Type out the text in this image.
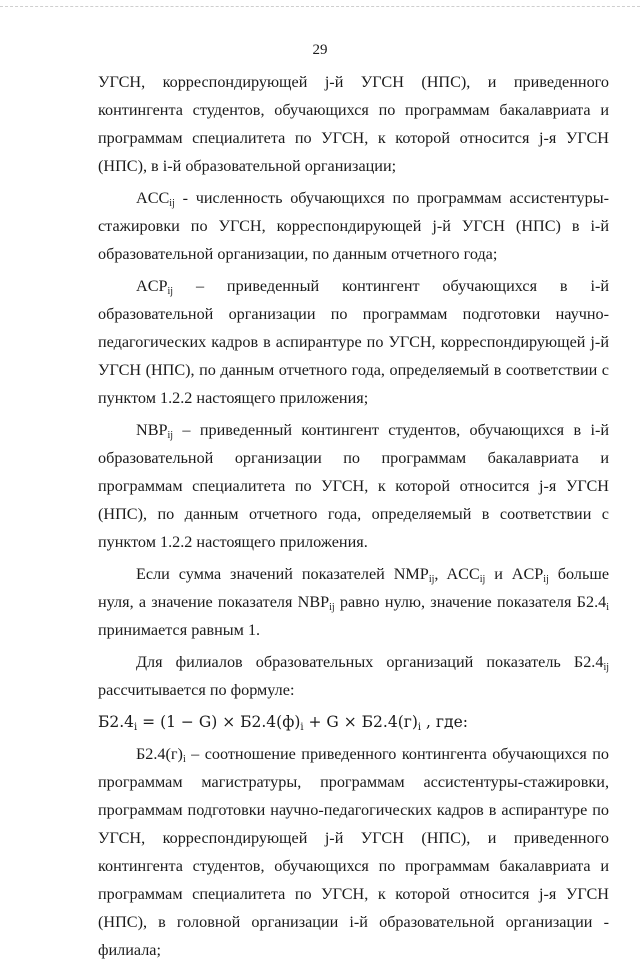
29

УГСН, корреспондирующей j-й УГСН (НПС), и приведенного контингента студентов, обучающихся по программам бакалавриата и программам специалитета по УГСН, к которой относится j-я УГСН (НПС), в i-й образовательной организации;

$ACC_{ij}$ - численность обучающихся по программам ассистентуры-стажировки по УГСН, корреспондирующей j-й УГСН (НПС) в i-й образовательной организации, по данным отчетного года;

$ACP_{ij}$ – приведенный контингент обучающихся в i-й образовательной организации по программам подготовки научно-педагогических кадров в аспирантуре по УГСН, корреспондирующей j-й УГСН (НПС), по данным отчетного года, определяемый в соответствии с пунктом 1.2.2 настоящего приложения;

$NBP_{ij}$ – приведенный контингент студентов, обучающихся в i-й образовательной организации по программам бакалавриата и программам специалитета по УГСН, к которой относится j-я УГСН (НПС), по данным отчетного года, определяемый в соответствии с пунктом 1.2.2 настоящего приложения.

Если сумма значений показателей $NMP_{ij}$, $ACC_{ij}$ и $ACP_{ij}$ больше нуля, а значение показателя $NBP_{ij}$ равно нулю, значение показателя $Б2.4_i$ принимается равным 1.

Для филиалов образовательных организаций показатель $Б2.4_{ij}$ рассчитывается по формуле:

$Б2.4_i = (1 - G) \times Б2.4(ф)_i + G \times Б2.4(г)_i$ , где:

$Б2.4(г)_i$ – соотношение приведенного контингента обучающихся по программам магистратуры, программам ассистентуры-стажировки, программам подготовки научно-педагогических кадров в аспирантуре по УГСН, корреспондирующей j-й УГСН (НПС), и приведенного контингента студентов, обучающихся по программам бакалавриата и программам специалитета по УГСН, к которой относится j-я УГСН (НПС), в головной организации i-й образовательной организации - филиала;
